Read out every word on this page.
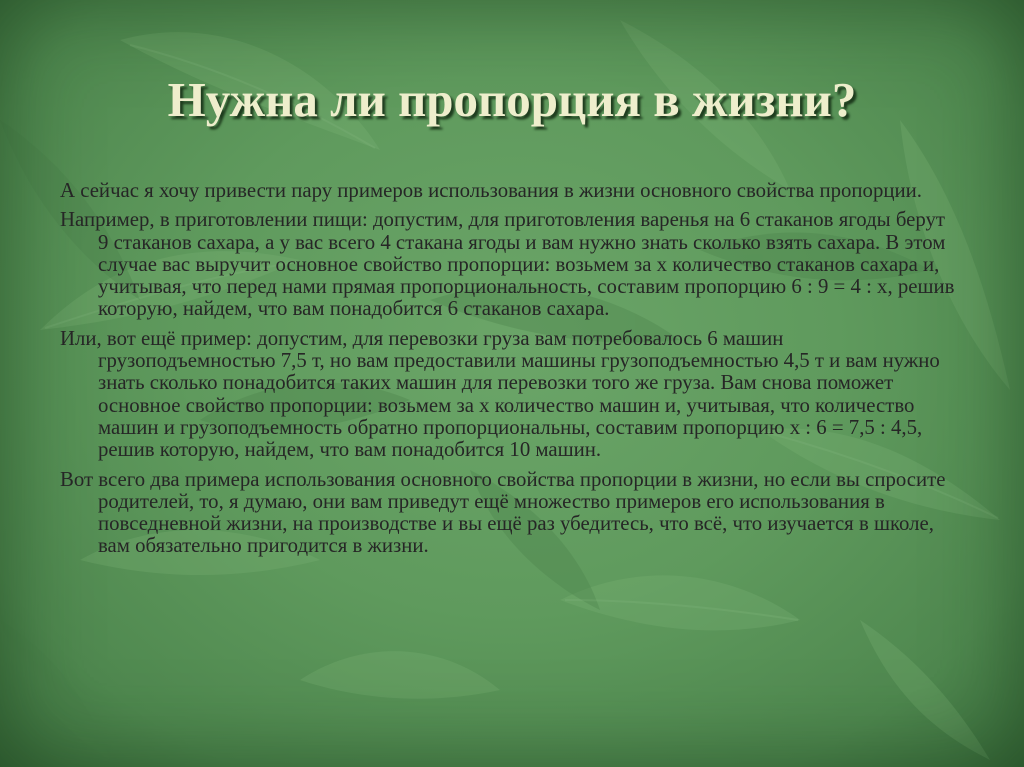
Нужна ли пропорция в жизни?

А сейчас я хочу привести пару примеров использования в жизни основного свойства пропорции.

Например, в приготовлении пищи: допустим, для приготовления варенья на 6 стаканов ягоды берут 9 стаканов сахара, а у вас всего 4 стакана ягоды и вам нужно знать сколько взять сахара. В этом случае вас выручит основное свойство пропорции: возьмем за х количество стаканов сахара и, учитывая, что перед нами прямая пропорциональность, составим пропорцию 6 : 9 = 4 : х, решив которую, найдем, что вам понадобится 6 стаканов сахара.

Или, вот ещё пример: допустим, для перевозки груза вам потребовалось 6 машин грузоподъемностью 7,5 т, но вам предоставили машины грузоподъемностью 4,5 т и вам нужно знать сколько понадобится таких машин для перевозки того же груза. Вам снова поможет основное свойство пропорции: возьмем за х количество машин и, учитывая, что количество машин и грузоподъемность обратно пропорциональны, составим пропорцию х : 6 = 7,5 : 4,5, решив которую, найдем, что вам понадобится 10 машин.

Вот всего два примера использования основного свойства пропорции в жизни, но если вы спросите родителей, то, я думаю, они вам приведут ещё множество примеров его использования в повседневной жизни, на производстве и вы ещё раз убедитесь, что всё, что изучается в школе, вам обязательно пригодится в жизни.
